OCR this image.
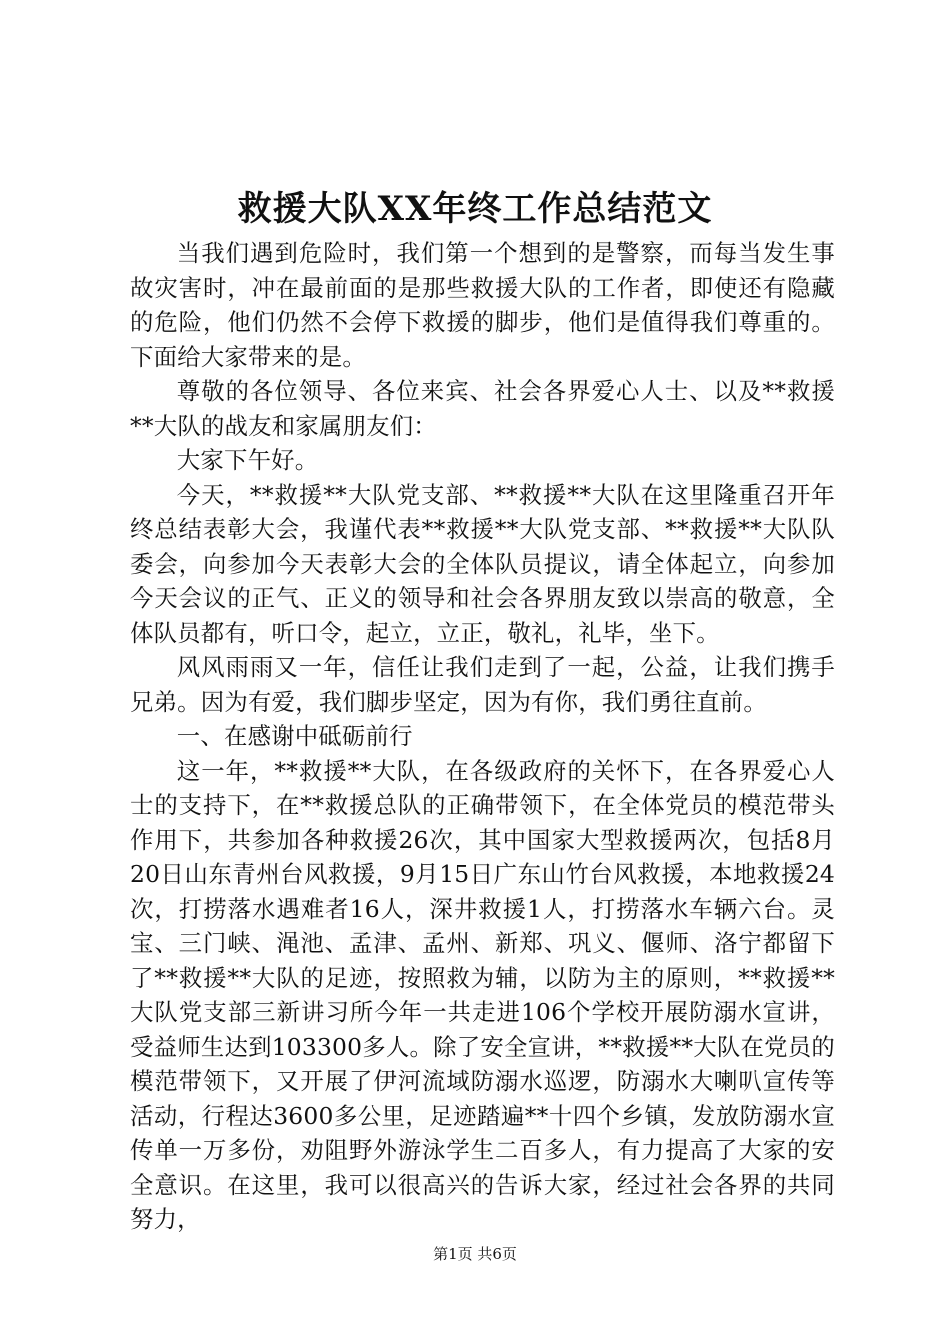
救援大队XX年终工作总结范文

当我们遇到危险时，我们第一个想到的是警察，而每当发生事故灾害时，冲在最前面的是那些救援大队的工作者，即使还有隐藏的危险，他们仍然不会停下救援的脚步，他们是值得我们尊重的。下面给大家带来的是。

尊敬的各位领导、各位来宾、社会各界爱心人士、以及**救援**大队的战友和家属朋友们：

大家下午好。

今天，**救援**大队党支部、**救援**大队在这里隆重召开年终总结表彰大会，我谨代表**救援**大队党支部、**救援**大队队委会，向参加今天表彰大会的全体队员提议，请全体起立，向参加今天会议的正气、正义的领导和社会各界朋友致以崇高的敬意，全体队员都有，听口令，起立，立正，敬礼，礼毕，坐下。

风风雨雨又一年，信任让我们走到了一起，公益，让我们携手兄弟。因为有爱，我们脚步坚定，因为有你，我们勇往直前。

一、在感谢中砥砺前行

这一年，**救援**大队，在各级政府的关怀下，在各界爱心人士的支持下，在**救援总队的正确带领下，在全体党员的模范带头作用下，共参加各种救援26次，其中国家大型救援两次，包括8月20日山东青州台风救援，9月15日广东山竹台风救援，本地救援24次，打捞落水遇难者16人，深井救援1人，打捞落水车辆六台。灵宝、三门峡、渑池、孟津、孟州、新郑、巩义、偃师、洛宁都留下了**救援**大队的足迹，按照救为辅，以防为主的原则，**救援**大队党支部三新讲习所今年一共走进106个学校开展防溺水宣讲，受益师生达到103300多人。除了安全宣讲，**救援**大队在党员的模范带领下，又开展了伊河流域防溺水巡逻，防溺水大喇叭宣传等活动，行程达3600多公里，足迹踏遍**十四个乡镇，发放防溺水宣传单一万多份，劝阻野外游泳学生二百多人，有力提高了大家的安全意识。在这里，我可以很高兴的告诉大家，经过社会各界的共同努力，

第1页 共6页
